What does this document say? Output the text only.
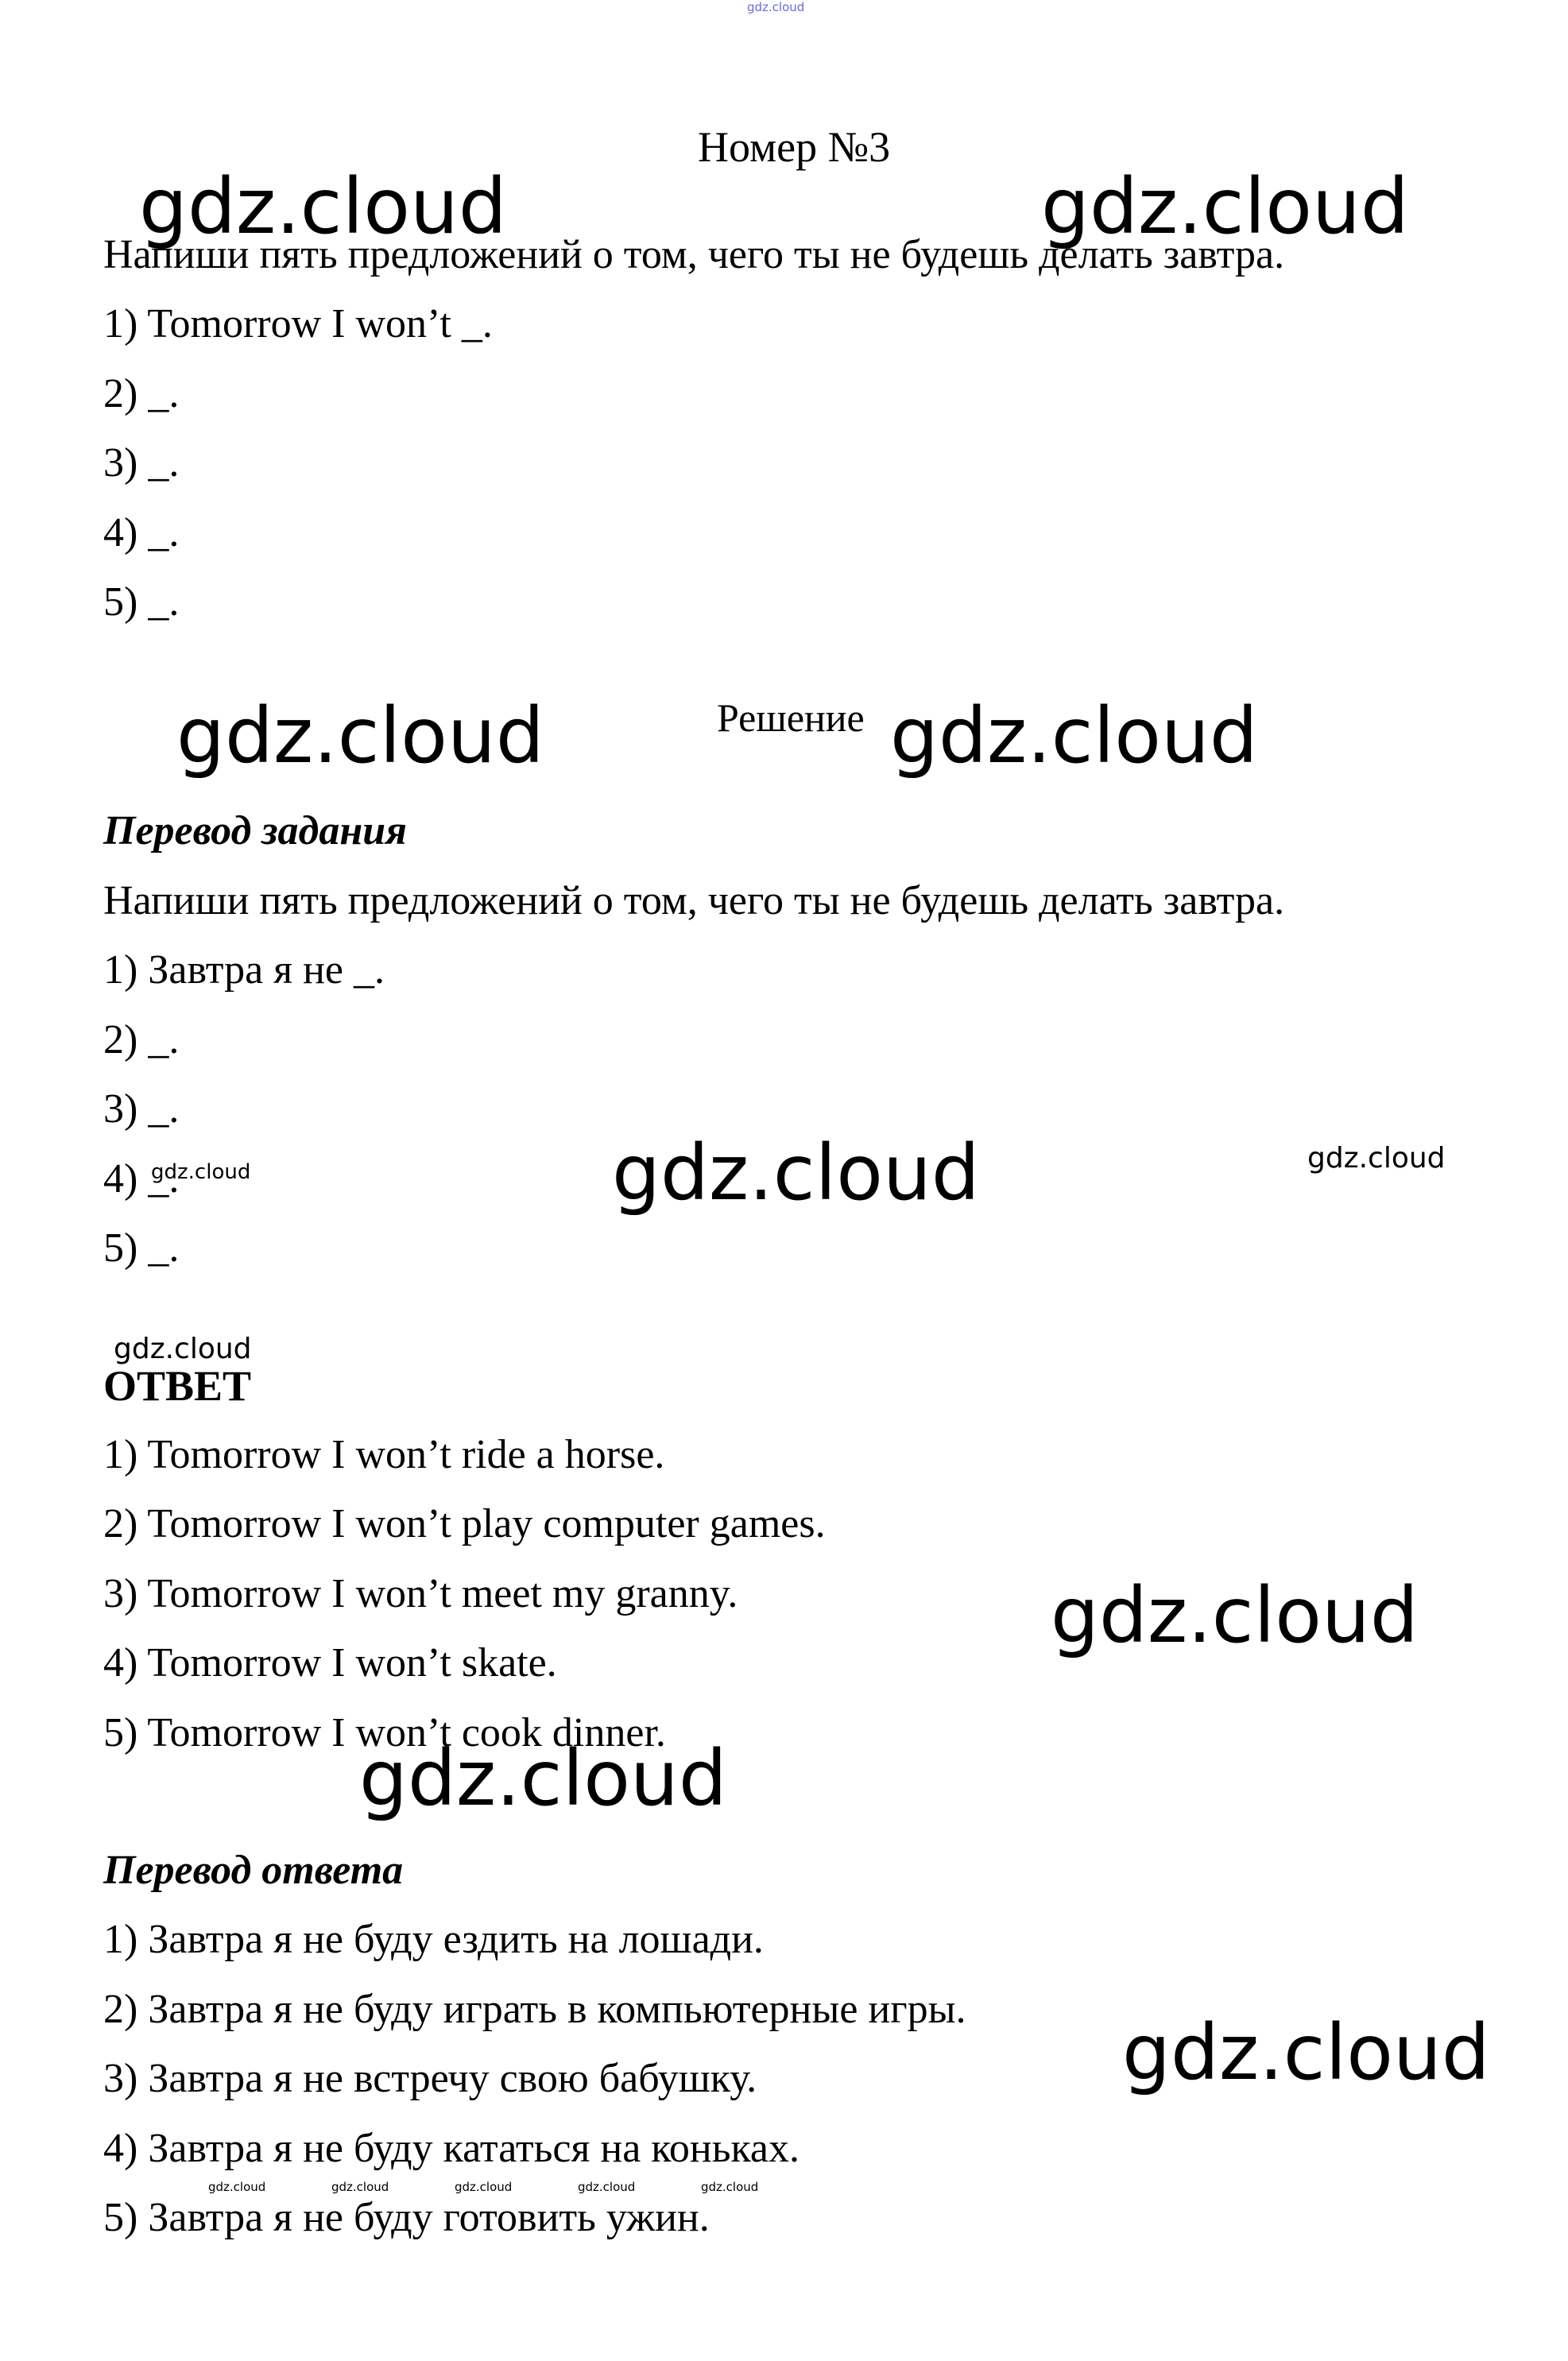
Номер №3
Напиши пять предложений о том, чего ты не будешь делать завтра.
1) Tomorrow I won’t _.
2) _.
3) _.
4) _.
5) _.
Решение
Перевод задания
Напиши пять предложений о том, чего ты не будешь делать завтра.
1) Завтра я не _.
2) _.
3) _.
4) _.
5) _.
ОТВЕТ
1) Tomorrow I won’t ride a horse.
2) Tomorrow I won’t play computer games.
3) Tomorrow I won’t meet my granny.
4) Tomorrow I won’t skate.
5) Tomorrow I won’t cook dinner.
Перевод ответа
1) Завтра я не буду ездить на лошади.
2) Завтра я не буду играть в компьютерные игры.
3) Завтра я не встречу свою бабушку.
4) Завтра я не буду кататься на коньках.
5) Завтра я не буду готовить ужин.
gdz.cloud
gdz.cloud	gdz.cloud
gdz.cloud	gdz.cloud
gdz.cloud	gdz.cloud
gdz.cloud
gdz.cloud
gdz.cloud
gdz.cloud
gdz.cloud
gdz.cloud	gdz.cloud	gdz.cloud	gdz.cloud	gdz.cloud
